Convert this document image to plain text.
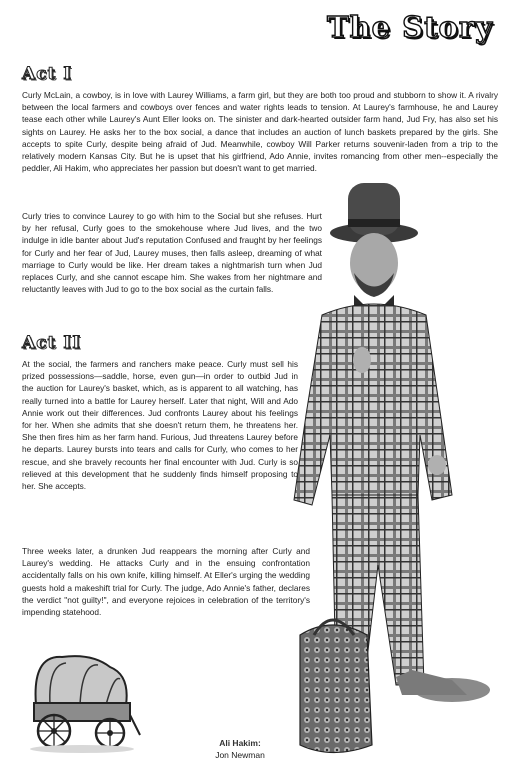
The Story
Act I

Curly McLain, a cowboy, is in love with Laurey Williams, a farm girl, but they are both too proud and stubborn to show it. A rivalry between the local farmers and cowboys over fences and water rights leads to tension. At Laurey's farmhouse, he and Laurey tease each other while Laurey's Aunt Eller looks on. The sinister and dark-hearted outsider farm hand, Jud Fry, has also set his sights on Laurey. He asks her to the box social, a dance that includes an auction of lunch baskets prepared by the girls. She accepts to spite Curly, despite being afraid of Jud. Meanwhile, cowboy Will Parker returns souvenir-laden from a trip to the relatively modern Kansas City. But he is upset that his girlfriend, Ado Annie, invites romancing from other men--especially the peddler, Ali Hakim, who appreciates her passion but doesn't want to get married.

Curly tries to convince Laurey to go with him to the Social but she refuses. Hurt by her refusal, Curly goes to the smokehouse where Jud lives, and the two indulge in idle banter about Jud's reputation Confused and fraught by her feelings for Curly and her fear of Jud, Laurey muses, then falls asleep, dreaming of what marriage to Curly would be like. Her dream takes a nightmarish turn when Jud replaces Curly, and she cannot escape him. She wakes from her nightmare and reluctantly leaves with Jud to go to the box social as the curtain falls.

Act II

At the social, the farmers and ranchers make peace. Curly must sell his prized possessions—saddle, horse, even gun—in order to outbid Jud in the auction for Laurey's basket, which, as is apparent to all watching, has really turned into a battle for Laurey herself. Later that night, Will and Ado Annie work out their differences. Jud confronts Laurey about his feelings for her. When she admits that she doesn't return them, he threatens her. She then fires him as her farm hand. Furious, Jud threatens Laurey before he departs. Laurey bursts into tears and calls for Curly, who comes to her rescue, and she bravely recounts her final encounter with Jud. Curly is so relieved at this development that he suddenly finds himself proposing to her. She accepts.

Three weeks later, a drunken Jud reappears the morning after Curly and Laurey's wedding. He attacks Curly and in the ensuing confrontation accidentally falls on his own knife, killing himself. At Eller's urging the wedding guests hold a makeshift trial for Curly. The judge, Ado Annie's father, declares the verdict "not guilty!", and everyone rejoices in celebration of the territory's impending statehood.

Ali Hakim:
Jon Newman
